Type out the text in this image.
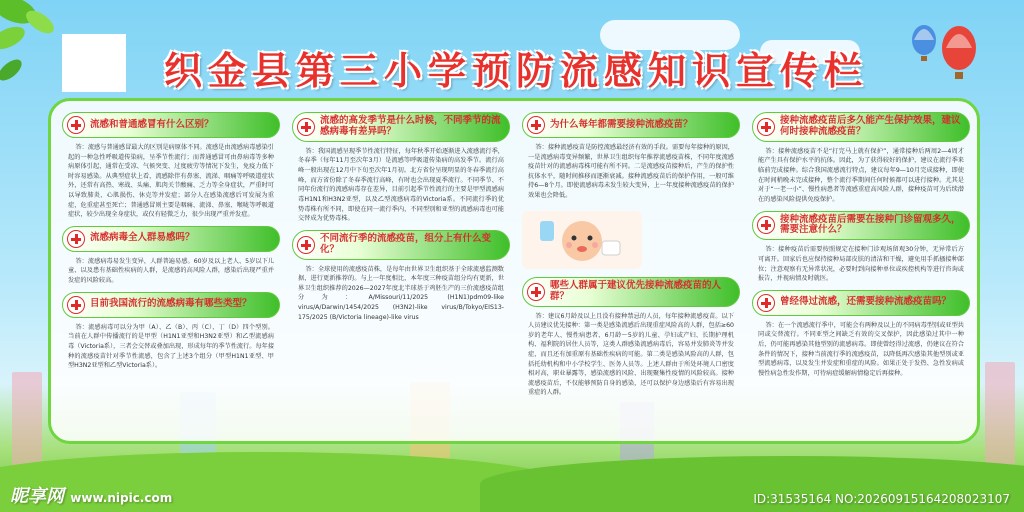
织金县第三小学预防流感知识宣传栏
流感和普通感冒有什么区别？
答：流感与普通感冒最大的区别是病原体不同。流感是由流感病毒感染引起的一种急性呼吸道传染病，呈季节性流行；而普通感冒可由鼻病毒等多种病原体引起，通常在受凉、气候突变、过度疲劳等情况下发生，免疫力低下时容易感染。从典型症状上看，流感除伴有鼻塞、流涕、咽痛等呼吸道症状外，还常有高热、寒战、头痛、肌肉关节酸痛、乏力等全身症状，严重时可以导致肺炎、心肌损伤、休克等并发症；部分人在感染流感后可发展为重症，危重症甚至死亡；普通感冒则主要是咽痛、流涕、鼻塞、喉咙等呼吸道症状，较少出现全身症状，或仅有轻微乏力，很少出现严重并发症。
流感病毒全人群易感吗？
答：流感病毒易发生变异，人群普遍易感。60岁及以上老人、5岁以下儿童、以及患有基础性疾病的人群，是流感的高风险人群，感染后出现严重并发症的风险较高。
目前我国流行的流感病毒有哪些类型？
答：流感病毒可以分为甲（A）、乙（B）、丙（C）、丁（D）四个型别。当前在人群中传播流行的是甲型（H1N1亚型和H3N2亚型）和乙型流感病毒（Victoria系），三者会交替或叠加出现，形成每年的季节性流行。每年接种的流感疫苗针对季节性流感，包含了上述3个组分（甲型H1N1亚型、甲型H3N2亚型和乙型Victoria系）。
流感的高发季节是什么时候，不同季节的流感病毒有差异吗？
答：我国流感呈现季节性流行特征，每年秋季开始逐渐进入流感流行季，冬春季（每年11月至次年3月）是流感等呼吸道传染病的高发季节。流行高峰一般出现在12月中下旬至次年1月初。北方省份呈现明显的冬春季流行高峰，而方省份除了冬春季流行高峰，有时也会出现夏季流行。不同季节、不同年份流行的流感病毒存在差异，目前引起季节性流行的主要是甲型流感病毒H1N1和H3N2亚型，以及乙型流感病毒的Victoria系。不同流行季的优势毒株有所不同，即使在同一流行季内，不同型别和亚型的流感病毒也可能交替成为优势毒株。
不同流行季的流感疫苗，组分上有什么变化？
答：全球使用的流感疫苗株，是每年由世界卫生组织基于全球流感监测数据，进行更新推荐的。与上一年度相比，本年度三种疫苗组分均有更新，世界卫生组织推荐的2026—2027年度北半球基于鸡胚生产的三价流感疫苗组分为：A/Missouri/11/2025 (H1N1)pdm09-like virus/A/Darwin/1454/2025 (H3N2)-like virus/B/Tokyo/EIS13-175/2025 (B/Victoria lineage)-like virus
为什么每年都需要接种流感疫苗？
答：接种流感疫苗是防控流感最经济有效的手段。需要每年接种的原因，一是流感病毒变异频繁，世界卫生组织每年推荐流感疫苗株，不同年度流感疫苗针对的流感病毒株可能有所不同。二是流感疫苗接种后，产生的保护性抗体水平，随时间推移而逐渐衰减。接种流感疫苗后的保护作用，一般可维持6—8个月。即使流感病毒未发生较大变异，上一年度接种流感疫苗的保护效果也会降低。
哪些人群属于建议优先接种流感疫苗的人群？
答：建议6月龄及以上且没有接种禁忌的人员，每年接种流感疫苗。以下人员建议优先接种：第一类是感染流感后出现重症风险高的人群，包括≥60岁的老年人、慢性病患者、6月龄～5岁的儿童、孕妇或产妇、长期护理机构、福利院的居住人员等，这类人群感染流感病毒后，容易并发肺炎等并发症，而且还有加重原有基础性疾病的可能。第二类是感染风险高的人群，包括托幼机构和中小学校学生、医务人员等。上述人群由于所处环境人口密度相对高，职业暴露等，感染流感的风险、出现聚集性疫情的风险较高。接种流感疫苗后，不仅能够预防自身的感染，还可以保护身边感染后有容易出现重症的人群。
接种流感疫苗后多久能产生保护效果，建议何时接种流感疫苗？
答：接种流感疫苗不是“打完马上就有保护”，通常接种后两周2—4周才能产生具有保护水平的抗体。因此，为了获得较好的保护，建议在流行季来临前完成接种。综合我国流感流行特点，建议每年9—10月完成接种，即使在时间稍晚未完成接种，整个流行季期间任何时候都可以进行接种。尤其是对于“一老一小”、慢性病患者等流感重症高风险人群，接种疫苗可为后续潜在的感染风险提供免疫保护。
接种流感疫苗后需要在接种门诊留观多久，需要注意什么？
答：接种疫苗后需要按照规定在接种门诊观场留观30分钟，无异常后方可离开。回家后也应保持接种局部皮肤的清洁和干燥，避免用手抓搔接种部位；注意观察有无异常状况，必要时到向接种单位或疾控机构等进行咨询或报告，并视病情及时就医。
曾经得过流感，还需要接种流感疫苗吗？
答：在一个流感流行季中，可能会有两种及以上的不同病毒型别或亚型共同或交替流行。不同亚型之间缺乏有效的交叉保护，因此感染过其中一种后，仍可能再感染其他型别的流感病毒。即使曾经得过流感，仍建议在符合条件的情况下，接种当前流行季的流感疫苗，以降低再次感染其他型别或亚型流感病毒，以及发生并发症和重症的风险。如果正处于发热、急性发病或慢性病急性发作期，可待病症缓解病情稳定后再接种。
昵享网 www.nipic.com	ID:31535164 NO:20260915164208023107
